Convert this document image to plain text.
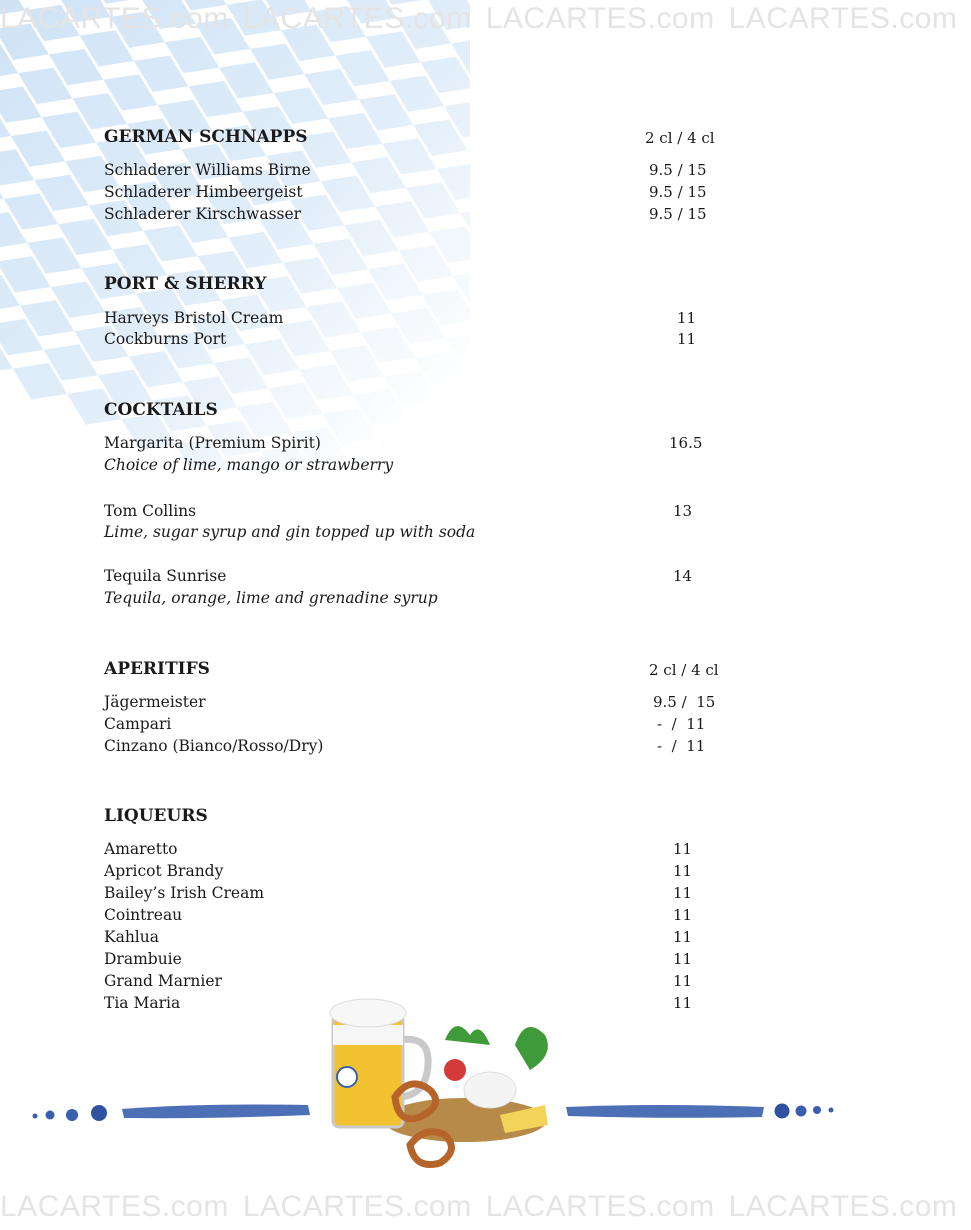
LACARTES.com LACARTES.com LACARTES.com LACARTES.com
GERMAN SCHNAPPS	2 cl / 4 cl
Schladerer Williams Birne	9.5 / 15
Schladerer Himbeergeist	9.5 / 15
Schladerer Kirschwasser	9.5 / 15
PORT & SHERRY
Harveys Bristol Cream	11
Cockburns Port	11
COCKTAILS
Margarita (Premium Spirit)	16.5
Choice of lime, mango or strawberry
Tom Collins	13
Lime, sugar syrup and gin topped up with soda
Tequila Sunrise	14
Tequila, orange, lime and grenadine syrup
APERITIFS	2 cl / 4 cl
Jägermeister	9.5 /  15
Campari	-  /  11
Cinzano (Bianco/Rosso/Dry)	-  /  11
LIQUEURS
Amaretto	11
Apricot Brandy	11
Bailey’s Irish Cream	11
Cointreau	11
Kahlua	11
Drambuie	11
Grand Marnier	11
Tia Maria	11
LACARTES.com LACARTES.com LACARTES.com LACARTES.com
